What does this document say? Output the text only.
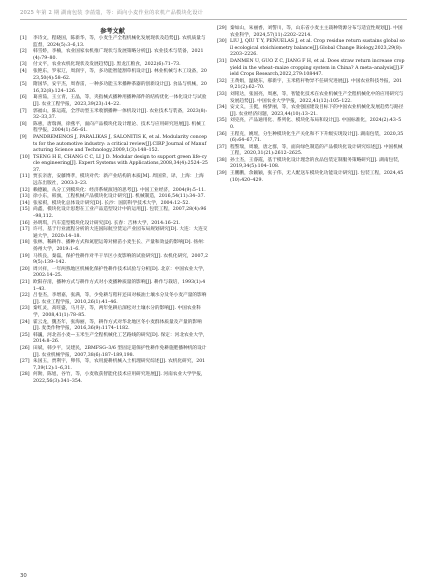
2025 年第 2 期 湖南包装 李菡蔻，等：面向小麦作业的农机产品模块化设计
参考文献

[1] 李诗文，程晓国，陈新华，等，小麦生产全程机械化发展现状及趋势[J]. 农机质量与监督，2024(5):3–6,13.

[2] 韩雪娇，李楠，农业国家农机推广现状与发展策略分析[J]. 农业技术与装备，2021(4):79–80.

[3] 付文平，农业农机化现状及发展趋势[J]. 黑龙江粮食，2022(6):71–73.

[4] 张艳东，罗家辽，周润宇，等，多功能智能割草机设计[J]. 林业机械与木工设备，2023,50(4):58–62.

[5] 隋国华，安宇杰，周春雷，一种多功能玉米播种茶器的创新设计[J]. 食品与机械，2016,32(8):124–126.

[6] 葛喜茹，王立青，王晶，等，夹指械式播种用播种部件的结构优化一体化设计与试验[J]. 农业工程学报，2023,39(23):14–22.

[7] 郭福山，陈运霞，全浮动型玉米收割播种一体机设计[J]. 农业技术与装备，2023(8):32–33,37.

[8] 陈惠，唐瑞洲，徐燕平，面向产品模块化设计理论、技术与应用研究进展[J]. 机械工程学报，2004(1):56–61.

[9] PANDREMENOS J, PARALIKAS J, SALONITIS K, et al. Modularity concepts for the automotive industry: a critical review[J].CIRP Journal of Manufacturing Science and Technology,2009,1(3):148–152.

[10] TSENG H E, CHANG C C, LI J D. Modular design to support green life-cycle engineering[J]. Expert Systems with Applications,2008,34(4):2524–2537.

[11] 贾长亲唐，安藤博孝，模块对代：新产业结构的本质[M]. 周国荣，译，上海：上海远东出版社，2003:3–23.

[12] 赖德颖，从分工到模块化：经济系统演进的思考[J]. 中国工业经济，2004(9):5–11.

[13] 徐小东，韩旗，工程机械产品模块化设计研究[J]. 机械制造，2016,54(11):34–37.

[14] 张家祺，模块化总体设计研究[D]. 长沙：国防科学技术大学，2004:12–52.

[15] 尚鑫，模块化设计思想在工业产品造型设计中的运用[J]. 包装工程，2007,28(4):96–98,112.

[16] 孙明琪，汽车造型模块化设计研究[D]. 长春：吉林大学，2014:16–21.

[17] 许可，基于行业流程分析的大连国际航空货运产业园布局规划研究[D]. 大连：大连交通大学，2020:14–18.

[18] 张林，稀耕作、播种方式和氮肥运筹对棉苗小麦生长、产量和效益的影响[D]. 扬州：扬州大学，2019:1–6.

[19] 马铁良，秦磊，保护性耕作对半干旱区小麦影响的试验研究[J]. 农机化研究，2007,29(5):139–142.

[20] 周兴祥，一年两熟地区机械化保护性耕作技术试验与分析[D]. 北京：中国农业大学，2002:14–25.

[21] 欧阳存清，播种方式与耕作方式对小麦播种质量的影响[J]. 耕作与栽培，1993(1):41–43.

[22] 吕卷杰，李增嘉，张满，等，少免耕与秸秆还田对核油土壤水分及冬小麦产量的影响[J]. 农业工程学报，2010,26(1):41–46.

[23] 秦红灵，高旺盛，马月存，等，两年免耕后深松对土壤水分的影响[J]. 中国农业科学，2008,41(1):78–85.

[24] 霍云龙，魏杰年，张海丽，等，耕作方式对华北地区冬小麦群体质量及产量的影响[J]. 麦类作物学报，2016,36(9):1174–1182.

[25] 韩巍，河北省小麦—玉米生产全程机械化工艺路线的研究[D]. 保定：河北农业大学，2014:8–26.

[26] 田斌，韩少平，吴建民，2BMFSG–3/6 型固定道保护性耕作免耕施肥播种机的设计[J]. 农业机械学报，2007,38(6):187–189,198.

[27] 朱国玉，贾利宇，卵伟，等，农用旋耕机械入土机理研究综述[J]. 农机化研究，2017,39(12):1–6,31.

[28] 何勋，陈旭，谷竹，等，小麦收获智能化技术应用研究进展[J]. 河南农业大学学报，2022,56(3):341–354.

[29] 秦如山，朱丽香，刘警川，等，山东省小麦主主栽种资源分布与适宜性规划[J]. 中国农业科学，2024,57(11):2202–2214.

[30] LIU J, QIU T Y, PEÑUELAS J, et al. Crop residue return sustains global soil ecological stoichiometry balance[J].Global Change Biology,2023,29(8):2203–2226.

[31] DANMEN U, GUO Z C, JIANG F H, et al. Does straw return increase crop yield in the wheat–maize cropping system in China? A meta–analysis[J].Field Crops Research,2022,279:108447.

[32] 王黄娟，温晓东，郝新宇，玉米秸秆物异不任研究进展[J]. 中国农业科技导报，2019,21(2):62–70.

[33] 刘铭达，张国亮，周惠，等，智能化技术在农业机械生产全程机械化中的应用研究与发展趋势[J]. 中国农业大学学报，2022,41(12):105–122.

[34] 安文义，王挺，杨梦丽，等，农业强国建设目标下的中国农业机械化发展趋势与路径[J]. 农业经济问题，2023,44(10):13–21.

[35] 刘克亮，产品通用化、系列化、模块化布局和设计[J]. 中国标准化，2024(2):43–50.

[36] 王程克，姚瑶，分生种模块化生产关化和不下升级实现设计[J]. 湖南包装，2020,35(6):64–67,71.

[37] 程警瑞，周璇，唐之群，等，面向绿色制造的产品模块化设计研究综述[J]. 中国机械工程，2020,31(21):2612–2625.

[38] 孙士杰，王睿霞，基于模块化设计理念的食品包装定制服务策略研究[J]. 湖南包装，2019,34(5):104–108.

[39] 王鹏鹏，余颖颖，张子伟，无人配送车模块化功能设计研究[J]. 包装工程，2024,45(10):420–429.

30
